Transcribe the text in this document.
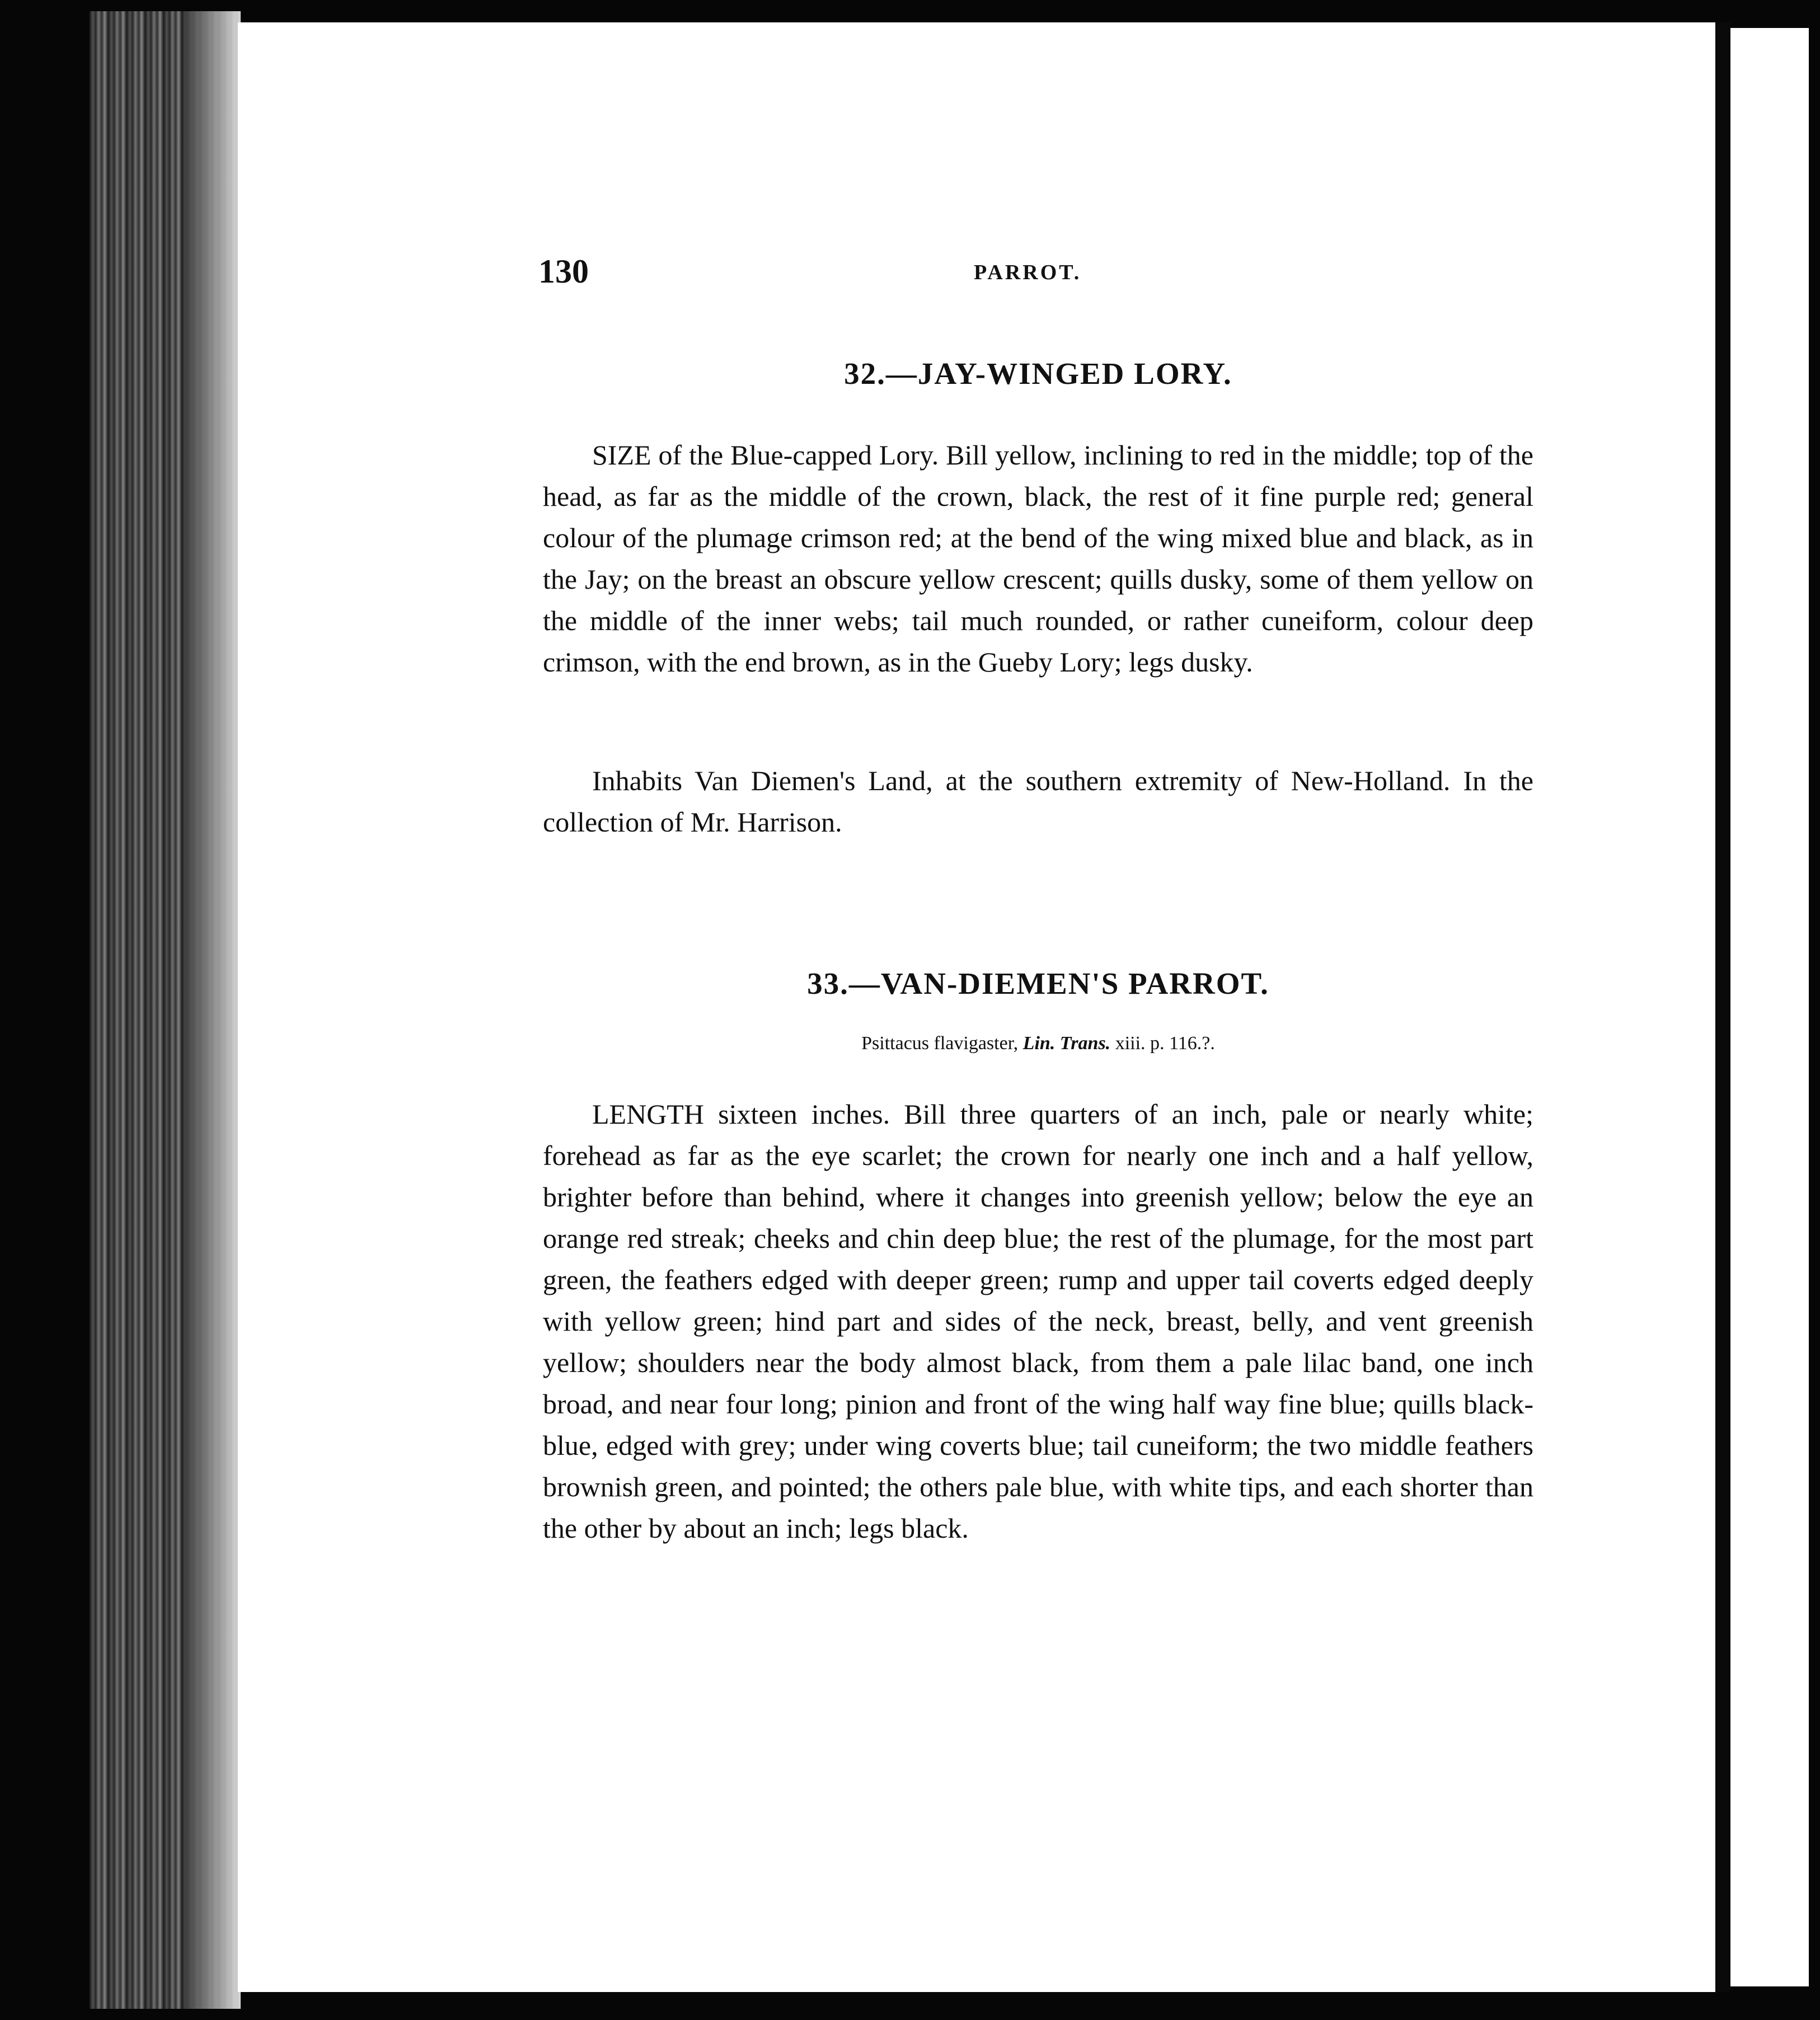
130	PARROT.

32.—JAY-WINGED LORY.

SIZE of the Blue-capped Lory. Bill yellow, inclining to red in the middle; top of the head, as far as the middle of the crown, black, the rest of it fine purple red; general colour of the plumage crimson red; at the bend of the wing mixed blue and black, as in the Jay; on the breast an obscure yellow crescent; quills dusky, some of them yellow on the middle of the inner webs; tail much rounded, or rather cuneiform, colour deep crimson, with the end brown, as in the Gueby Lory; legs dusky.

Inhabits Van Diemen's Land, at the southern extremity of New-Holland. In the collection of Mr. Harrison.

33.—VAN-DIEMEN'S PARROT.

Psittacus flavigaster, Lin. Trans. xiii. p. 116.?.

LENGTH sixteen inches. Bill three quarters of an inch, pale or nearly white; forehead as far as the eye scarlet; the crown for nearly one inch and a half yellow, brighter before than behind, where it changes into greenish yellow; below the eye an orange red streak; cheeks and chin deep blue; the rest of the plumage, for the most part green, the feathers edged with deeper green; rump and upper tail coverts edged deeply with yellow green; hind part and sides of the neck, breast, belly, and vent greenish yellow; shoulders near the body almost black, from them a pale lilac band, one inch broad, and near four long; pinion and front of the wing half way fine blue; quills black-blue, edged with grey; under wing coverts blue; tail cuneiform; the two middle feathers brownish green, and pointed; the others pale blue, with white tips, and each shorter than the other by about an inch; legs black.
